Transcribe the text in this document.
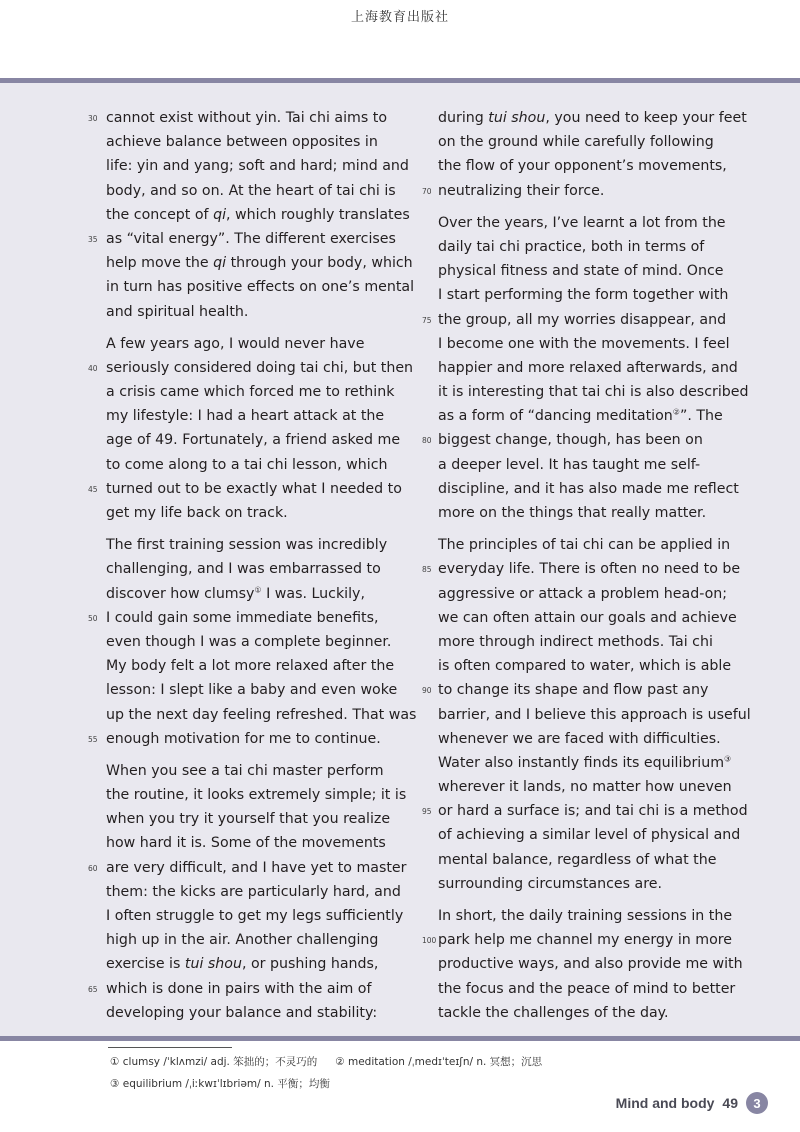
上海教育出版社
30 cannot exist without yin. Tai chi aims to
achieve balance between opposites in
life: yin and yang; soft and hard; mind and
body, and so on. At the heart of tai chi is
the concept of qi, which roughly translates
35 as “vital energy”. The different exercises
help move the qi through your body, which
in turn has positive effects on one’s mental
and spiritual health.
A few years ago, I would never have
40 seriously considered doing tai chi, but then
a crisis came which forced me to rethink
my lifestyle: I had a heart attack at the
age of 49. Fortunately, a friend asked me
to come along to a tai chi lesson, which
45 turned out to be exactly what I needed to
get my life back on track.
The first training session was incredibly
challenging, and I was embarrassed to
discover how clumsy① I was. Luckily,
50 I could gain some immediate benefits,
even though I was a complete beginner.
My body felt a lot more relaxed after the
lesson: I slept like a baby and even woke
up the next day feeling refreshed. That was
55 enough motivation for me to continue.
When you see a tai chi master perform
the routine, it looks extremely simple; it is
when you try it yourself that you realize
how hard it is. Some of the movements
60 are very difficult, and I have yet to master
them: the kicks are particularly hard, and
I often struggle to get my legs sufficiently
high up in the air. Another challenging
exercise is tui shou, or pushing hands,
65 which is done in pairs with the aim of
developing your balance and stability:
during tui shou, you need to keep your feet
on the ground while carefully following
the flow of your opponent’s movements,
70 neutralizing their force.
Over the years, I’ve learnt a lot from the
daily tai chi practice, both in terms of
physical fitness and state of mind. Once
I start performing the form together with
75 the group, all my worries disappear, and
I become one with the movements. I feel
happier and more relaxed afterwards, and
it is interesting that tai chi is also described
as a form of “dancing meditation②”. The
80 biggest change, though, has been on
a deeper level. It has taught me self-
discipline, and it has also made me reflect
more on the things that really matter.
The principles of tai chi can be applied in
85 everyday life. There is often no need to be
aggressive or attack a problem head-on;
we can often attain our goals and achieve
more through indirect methods. Tai chi
is often compared to water, which is able
90 to change its shape and flow past any
barrier, and I believe this approach is useful
whenever we are faced with difficulties.
Water also instantly finds its equilibrium③
wherever it lands, no matter how uneven
95 or hard a surface is; and tai chi is a method
of achieving a similar level of physical and
mental balance, regardless of what the
surrounding circumstances are.
In short, the daily training sessions in the
100 park help me channel my energy in more
productive ways, and also provide me with
the focus and the peace of mind to better
tackle the challenges of the day.
① clumsy /ˈklʌmzi/ adj. 笨拙的；不灵巧的 ② meditation /ˌmedɪˈteɪʃn/ n. 冥想；沉思
③ equilibrium /ˌiːkwɪˈlɪbriəm/ n. 平衡；均衡
Mind and body 49	3
